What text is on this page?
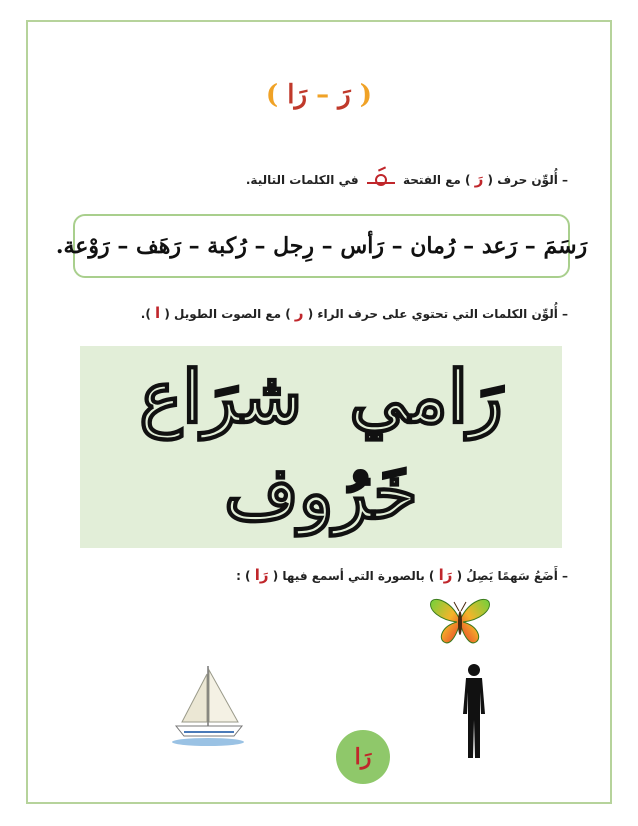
( رَ – رَا )
– أُلوِّن حرف ( رَ ) مع الفتحة
في الكلمات التالية.
رَسَمَ – رَعد – رُمان – رَأس – رِجل – رُكبة – رَهَف – رَوْعة.
– أُلوِّن الكلمات التي تحتوي على حرف الراء ( ر ) مع الصوت الطويل ( ا ).
رَامي شرَاع
خَرُوف
– أَضَعُ سَهمًا يَصِلُ ( رَا ) بالصورة التي أسمع فيها ( رَا ) :
رَا
